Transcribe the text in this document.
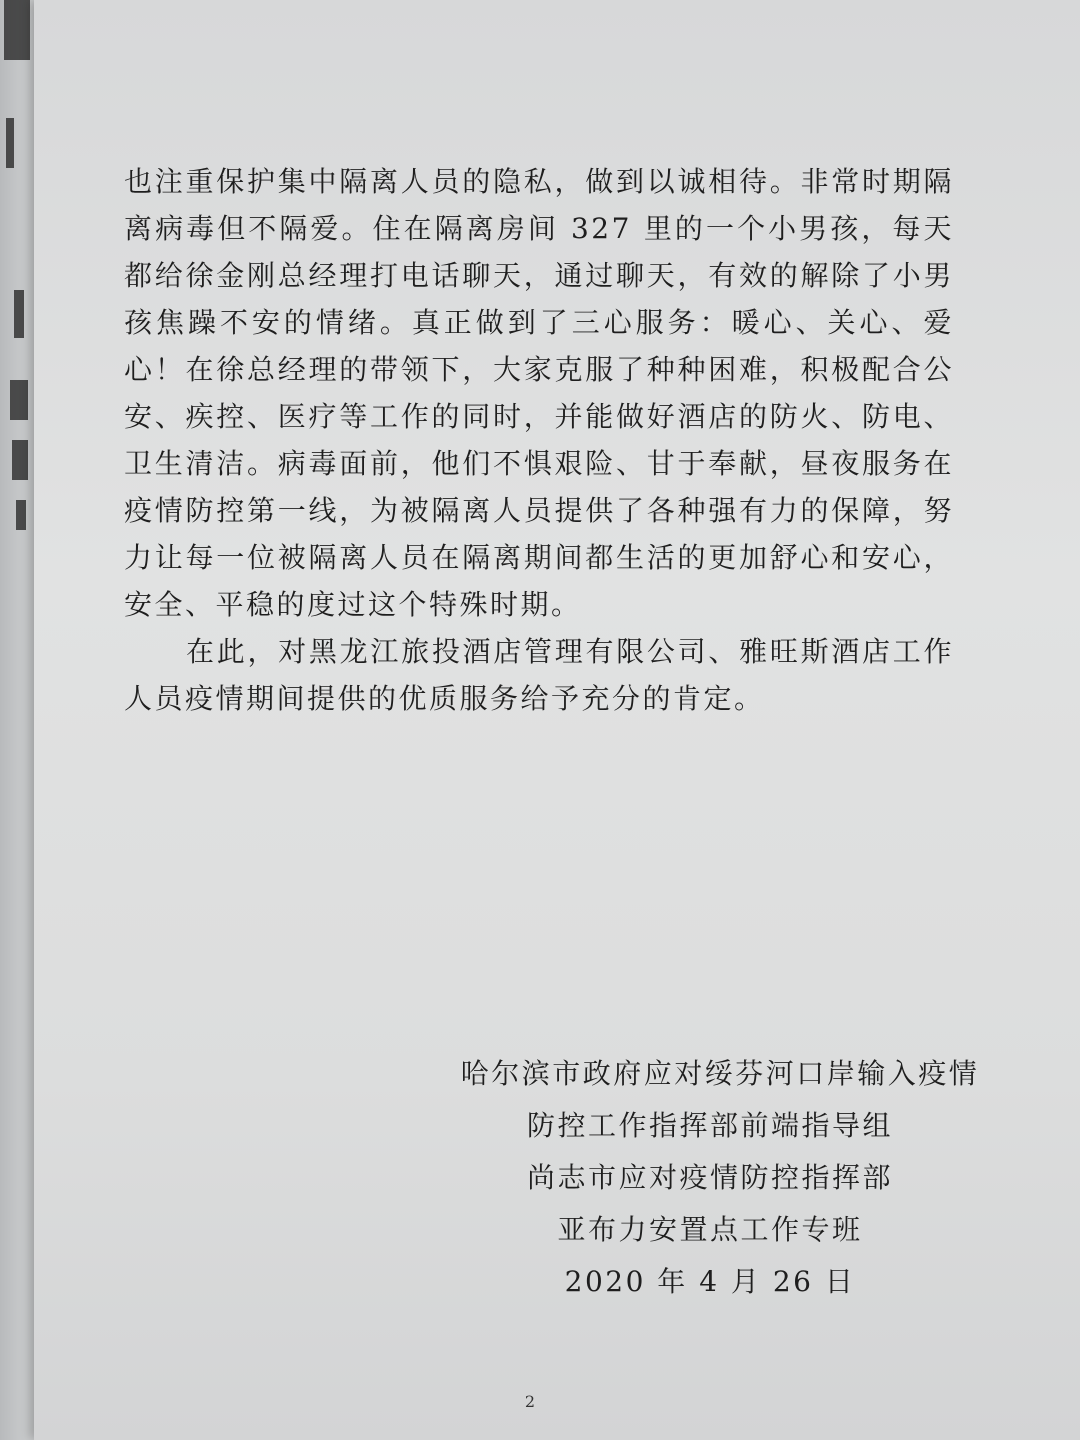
也注重保护集中隔离人员的隐私，做到以诚相待。非常时期隔离病毒但不隔爱。住在隔离房间 327 里的一个小男孩，每天都给徐金刚总经理打电话聊天，通过聊天，有效的解除了小男孩焦躁不安的情绪。真正做到了三心服务：暖心、关心、爱心！在徐总经理的带领下，大家克服了种种困难，积极配合公安、疾控、医疗等工作的同时，并能做好酒店的防火、防电、卫生清洁。病毒面前，他们不惧艰险、甘于奉献，昼夜服务在疫情防控第一线，为被隔离人员提供了各种强有力的保障，努力让每一位被隔离人员在隔离期间都生活的更加舒心和安心，安全、平稳的度过这个特殊时期。

在此，对黑龙江旅投酒店管理有限公司、雅旺斯酒店工作人员疫情期间提供的优质服务给予充分的肯定。

哈尔滨市政府应对绥芬河口岸输入疫情
防控工作指挥部前端指导组
尚志市应对疫情防控指挥部
亚布力安置点工作专班
2020 年 4 月 26 日
2
